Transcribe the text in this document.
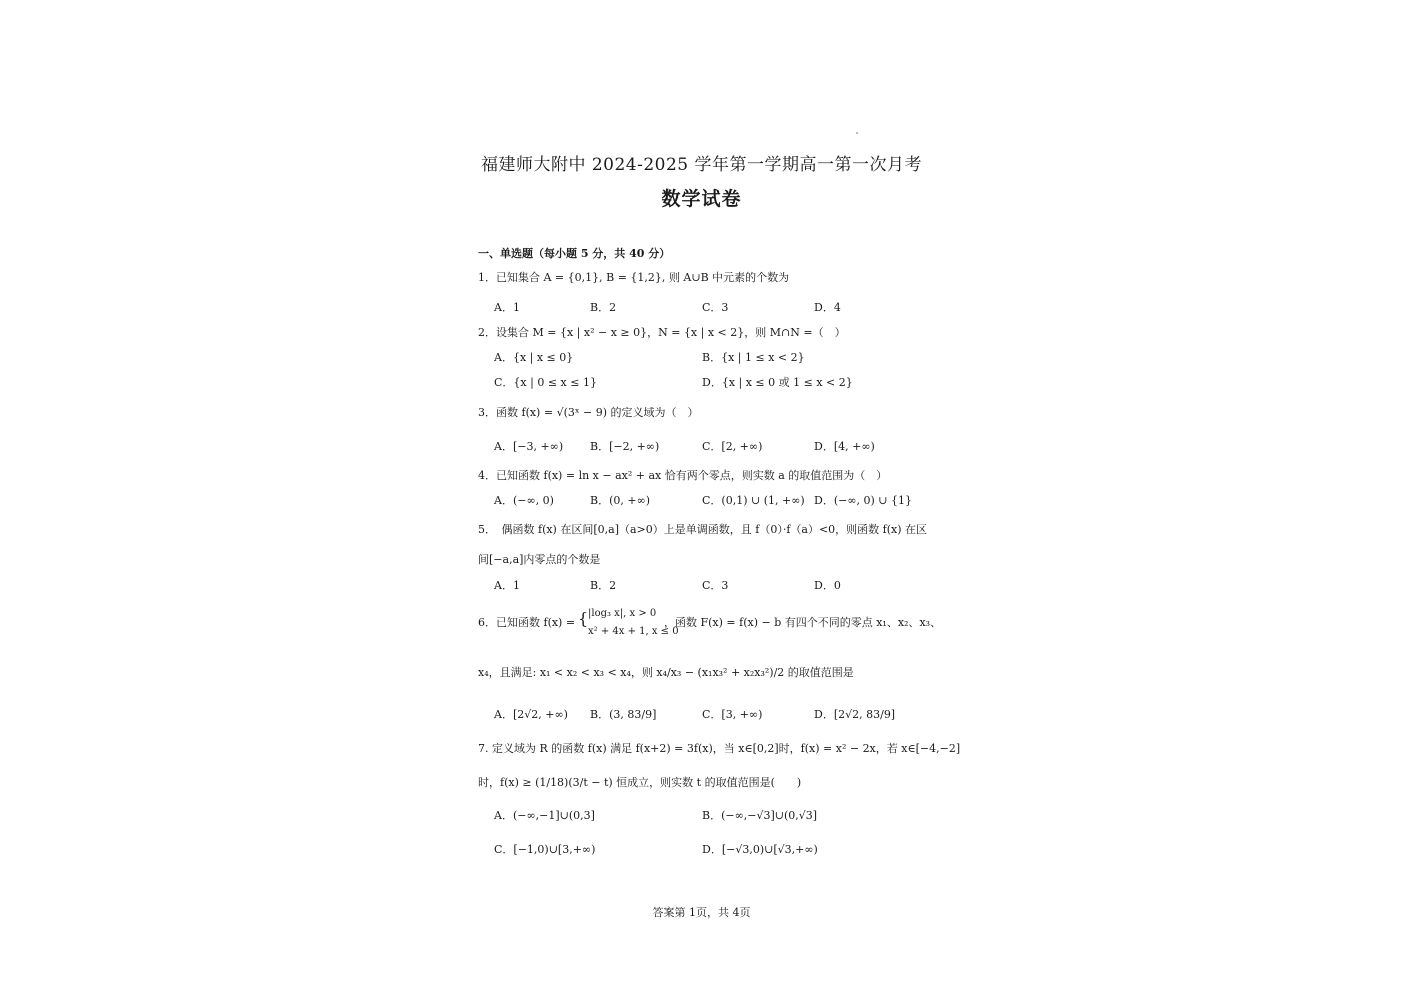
福建师大附中 2024-2025 学年第一学期高一第一次月考
数学试卷
一、单选题（每小题 5 分，共 40 分）
1．已知集合 A = {0,1}, B = {1,2}, 则 A∪B 中元素的个数为
A．1	B．2	C．3	D．4
2．设集合 M = {x | x² − x ≥ 0}，N = {x | x < 2}，则 M∩N =（　）
A．{x | x ≤ 0}	B．{x | 1 ≤ x < 2}
C．{x | 0 ≤ x ≤ 1}	D．{x | x ≤ 0 或 1 ≤ x < 2}
3．函数 f(x) = √(3ˣ − 9) 的定义域为（　）
A．[−3, +∞) B．[−2, +∞)	C．[2, +∞)	D．[4, +∞)
4．已知函数 f(x) = ln x − ax² + ax 恰有两个零点，则实数 a 的取值范围为（　）
A．(−∞, 0)	B．(0, +∞)	C．(0,1) ∪ (1, +∞) D．(−∞, 0) ∪ {1}
5．　偶函数 f(x) 在区间[0,a]（a>0）上是单调函数，且 f（0）·f（a）<0，则函数 f(x) 在区
间[−a,a]内零点的个数是
A．1	B．2	C．3	D．0
6．已知函数 f(x) = { |log₃ x|, x > 0
x² + 4x + 1, x ≤ 0
，函数 F(x) = f(x) − b 有四个不同的零点 x₁、x₂、x₃、
x₄，且满足: x₁ < x₂ < x₃ < x₄，则 x₄/x₃ − (x₁x₃² + x₂x₃²)/2 的取值范围是
A．[2√2, +∞) B．(3, 83/9]	C．[3, +∞)	D．[2√2, 83/9]
7. 定义域为 R 的函数 f(x) 满足 f(x+2) = 3f(x)，当 x∈[0,2]时，f(x) = x² − 2x，若 x∈[−4,−2]
时，f(x) ≥ (1/18)(3/t − t) 恒成立，则实数 t 的取值范围是(　　)
A．(−∞,−1]∪(0,3]	B．(−∞,−√3]∪(0,√3]
C．[−1,0)∪[3,+∞)	D．[−√3,0)∪[√3,+∞)
答案第 1页，共 4页
